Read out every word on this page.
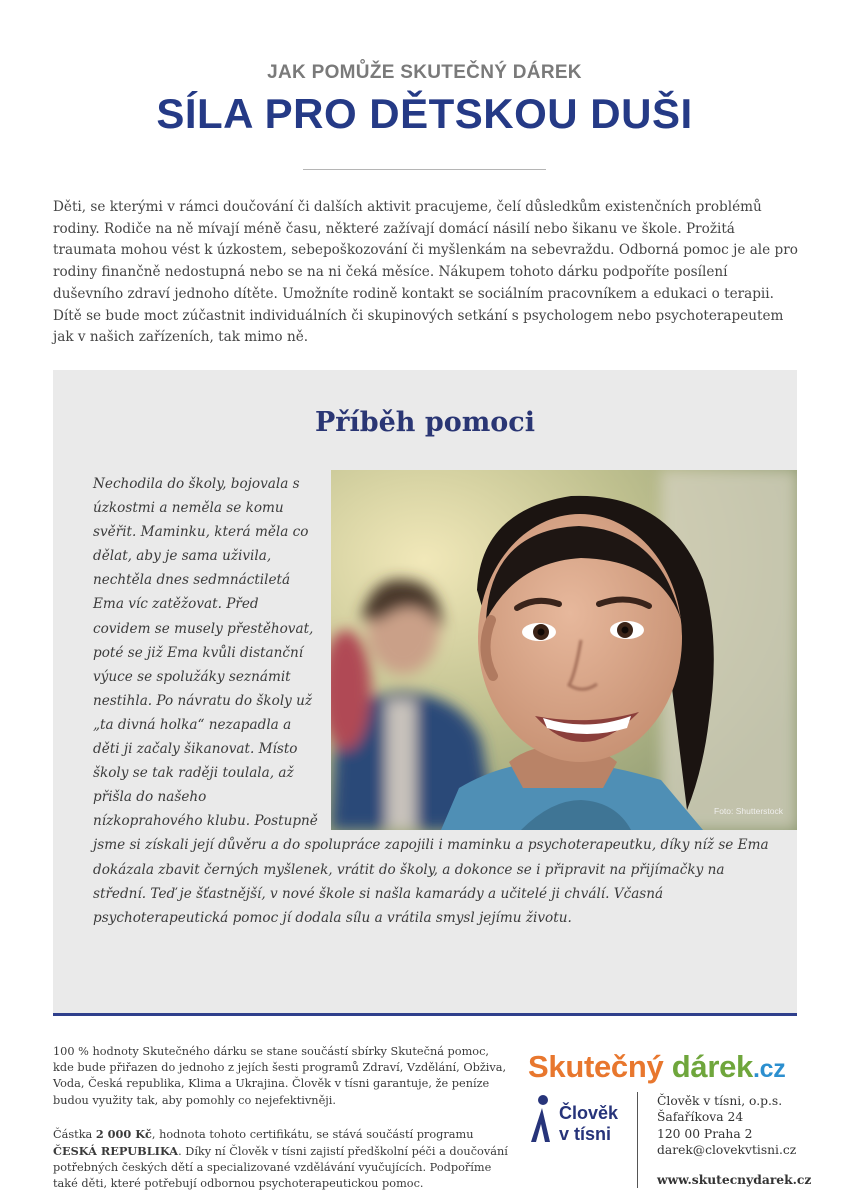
JAK POMŮŽE SKUTEČNÝ DÁREK
SÍLA PRO DĚTSKOU DUŠI

Děti, se kterými v rámci doučování či dalších aktivit pracujeme, čelí důsledkům existenčních problémů rodiny. Rodiče na ně mívají méně času, některé zažívají domácí násilí nebo šikanu ve škole. Prožitá traumata mohou vést k úzkostem, sebepoškozování či myšlenkám na sebevraždu. Odborná pomoc je ale pro rodiny finančně nedostupná nebo se na ni čeká měsíce. Nákupem tohoto dárku podpoříte posílení duševního zdraví jednoho dítěte. Umožníte rodině kontakt se sociálním pracovníkem a edukaci o terapii. Dítě se bude moct zúčastnit individuálních či skupinových setkání s psychologem nebo psychoterapeutem jak v našich zařízeních, tak mimo ně.

Příběh pomoci
Foto: Shutterstock
Nechodila do školy, bojovala s úzkostmi a neměla se komu svěřit. Maminku, která měla co dělat, aby je sama uživila, nechtěla dnes sedmnáctiletá Ema víc zatěžovat. Před covidem se musely přestěhovat, poté se již Ema kvůli distanční výuce se spolužáky seznámit nestihla. Po návratu do školy už „ta divná holka“ nezapadla a děti ji začaly šikanovat. Místo školy se tak raději toulala, až přišla do našeho nízkoprahového klubu. Postupně jsme si získali její důvěru a do spolupráce zapojili i maminku a psychoterapeutku, díky níž se Ema dokázala zbavit černých myšlenek, vrátit do školy, a dokonce se i připravit na přijímačky na střední. Teď je šťastnější, v nové škole si našla kamarády a učitelé ji chválí. Včasná psychoterapeutická pomoc jí dodala sílu a vrátila smysl jejímu životu.

100 % hodnoty Skutečného dárku se stane součástí sbírky Skutečná pomoc, kde bude přiřazen do jednoho z jejích šesti programů Zdraví, Vzdělání, Obživa, Voda, Česká republika, Klima a Ukrajina. Člověk v tísni garantuje, že peníze budou využity tak, aby pomohly co nejefektivněji.

Částka 2 000 Kč, hodnota tohoto certifikátu, se stává součástí programu ČESKÁ REPUBLIKA. Díky ní Člověk v tísni zajistí předškolní péči a doučování potřebných českých dětí a specializované vzdělávání vyučujících. Podpoříme také děti, které potřebují odbornou psychoterapeutickou pomoc.

Skutečný dárek.cz
Člověk
v tísni
Člověk v tísni, o.p.s.
Šafaříkova 24
120 00 Praha 2
darek@clovekvtisni.cz
www.skutecnydarek.cz
